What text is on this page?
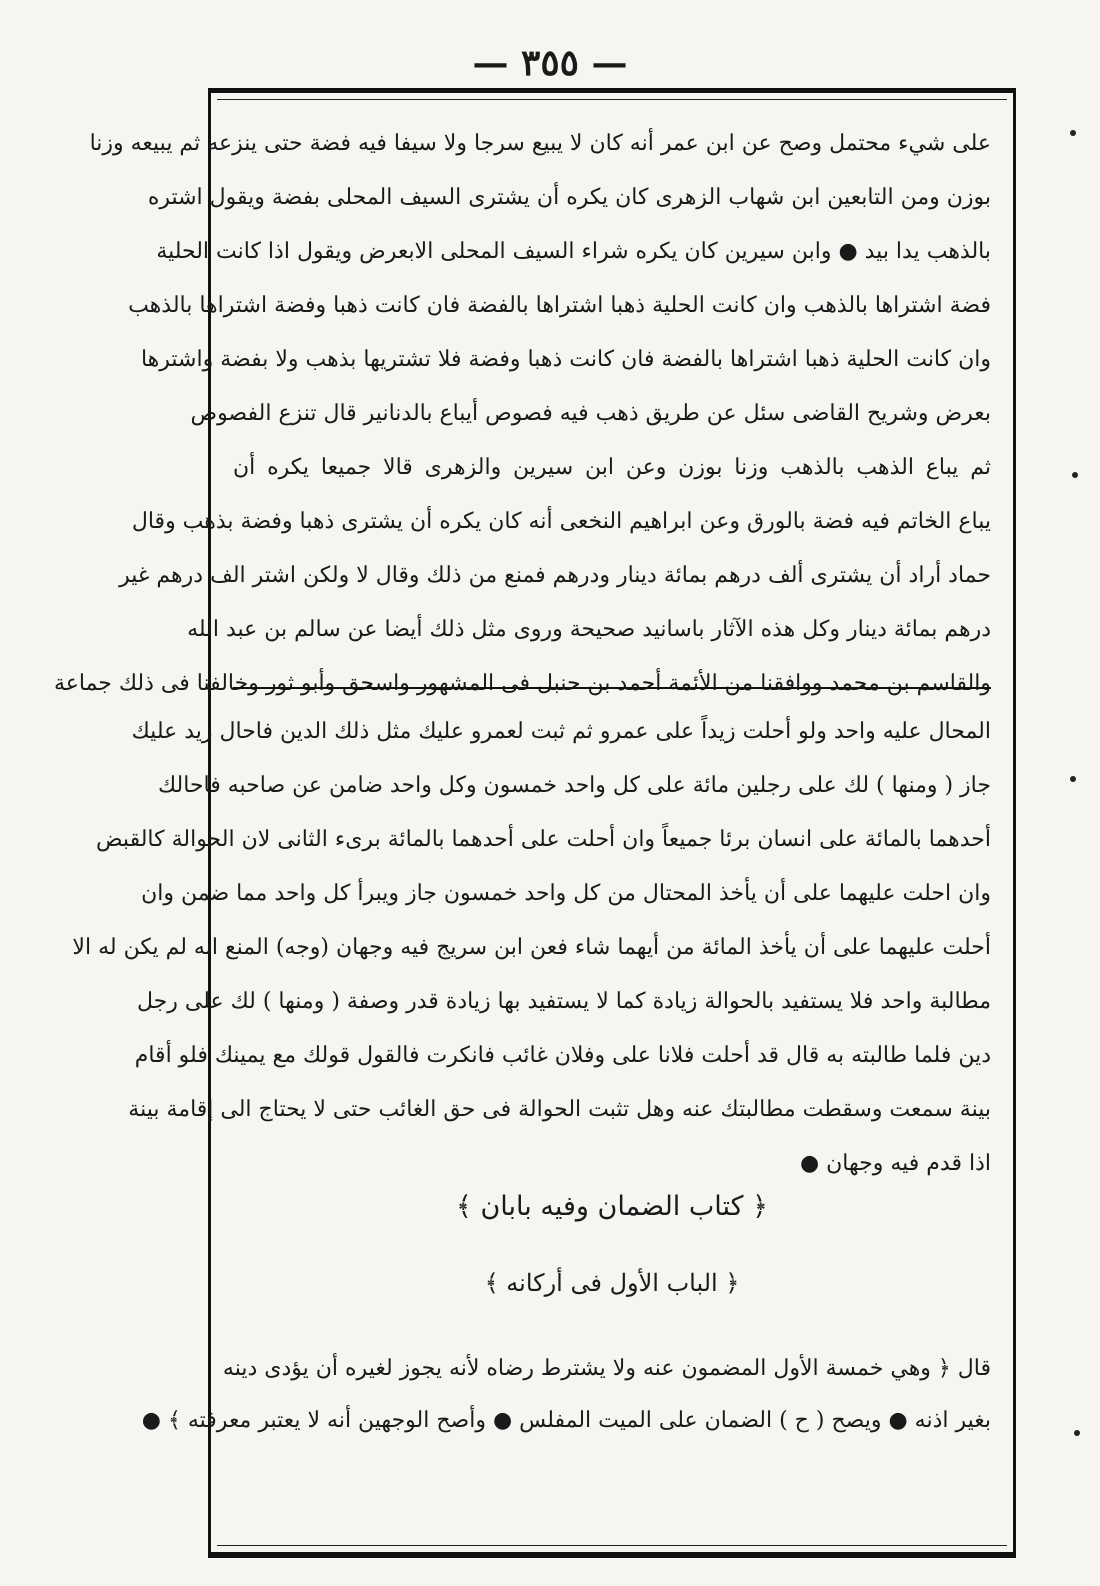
— ٣٥٥ —
على شيء محتمل وصح عن ابن عمر أنه كان لا يبيع سرجا ولا سيفا فيه فضة حتى ينزعه ثم يبيعه وزنا
بوزن ومن التابعين ابن شهاب الزهرى كان يكره أن يشترى السيف المحلى بفضة ويقول اشتره
بالذهب يدا بيد ● وابن سيرين كان يكره شراء السيف المحلى الابعرض ويقول اذا كانت الحلية
فضة اشتراها بالذهب وان كانت الحلية ذهبا اشتراها بالفضة فان كانت ذهبا وفضة اشتراها بالذهب
وان كانت الحلية ذهبا اشتراها بالفضة فان كانت ذهبا وفضة فلا تشتريها بذهب ولا بفضة واشترها
بعرض وشريح القاضى سئل عن طريق ذهب فيه فصوص أيباع بالدنانير قال تنزع الفصوص
ثم يباع الذهب بالذهب وزنا بوزن وعن ابن سيرين والزهرى قالا جميعا يكره أن
يباع الخاتم فيه فضة بالورق وعن ابراهيم النخعى أنه كان يكره أن يشترى ذهبا وفضة بذهب وقال
حماد أراد أن يشترى ألف درهم بمائة دينار ودرهم فمنع من ذلك وقال لا ولكن اشتر الف درهم غير
درهم بمائة دينار وكل هذه الآثار باسانيد صحيحة وروى مثل ذلك أيضا عن سالم بن عبد الله
والقاسم بن محمد ووافقنا من الأئمة أحمد بن حنبل فى المشهور واسحق وأبو ثور وخالفنا فى ذلك جماعة
المحال عليه واحد ولو أحلت زيداً على عمرو ثم ثبت لعمرو عليك مثل ذلك الدين فاحال زيد عليك
جاز ( ومنها ) لك على رجلين مائة على كل واحد خمسون وكل واحد ضامن عن صاحبه فاحالك
أحدهما بالمائة على انسان برئا جميعاً وان أحلت على أحدهما بالمائة برىء الثانى لان الحوالة كالقبض
وان احلت عليهما على أن يأخذ المحتال من كل واحد خمسون جاز ويبرأ كل واحد مما ضمن وان
أحلت عليهما على أن يأخذ المائة من أيهما شاء فعن ابن سريج فيه وجهان (وجه) المنع انه لم يكن له الا
مطالبة واحد فلا يستفيد بالحوالة زيادة كما لا يستفيد بها زيادة قدر وصفة ( ومنها ) لك على رجل
دين فلما طالبته به قال قد أحلت فلانا على وفلان غائب فانكرت فالقول قولك مع يمينك فلو أقام
بينة سمعت وسقطت مطالبتك عنه وهل تثبت الحوالة فى حق الغائب حتى لا يحتاج الى إقامة بينة
اذا قدم فيه وجهان ●
﴿ كتاب الضمان وفيه بابان ﴾
﴿ الباب الأول فى أركانه ﴾
قال ﴿ وهي خمسة الأول المضمون عنه ولا يشترط رضاه لأنه يجوز لغيره أن يؤدى دينه
بغير اذنه ● ويصح ( ح ) الضمان على الميت المفلس ● وأصح الوجهين أنه لا يعتبر معرفته ﴾ ●
